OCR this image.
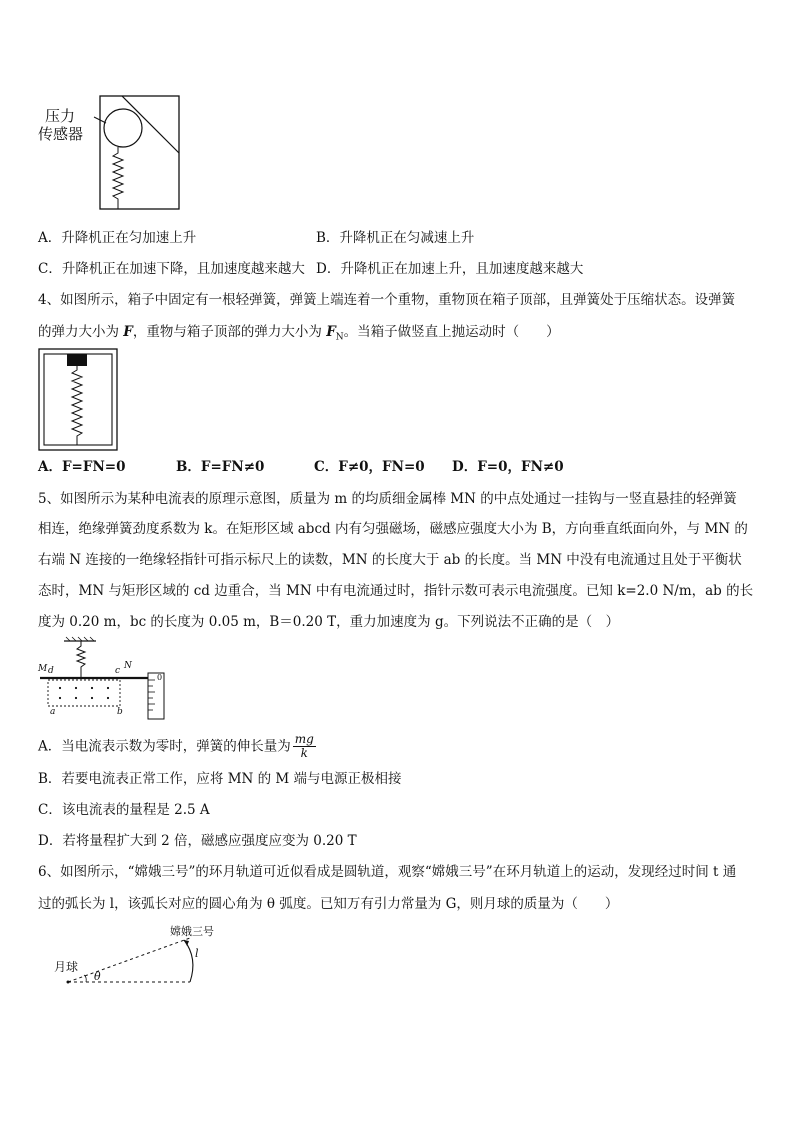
压力
传感器
A．升降机正在匀加速上升	B．升降机正在匀减速上升
C．升降机正在加速下降，且加速度越来越大 D．升降机正在加速上升，且加速度越来越大
4、如图所示，箱子中固定有一根轻弹簧，弹簧上端连着一个重物，重物顶在箱子顶部，且弹簧处于压缩状态。设弹簧
的弹力大小为 F，重物与箱子顶部的弹力大小为 $F_N$。当箱子做竖直上抛运动时（　　）
A．F=FN=0	B．F=FN≠0	C．F≠0，FN=0 D．F=0，FN≠0
5、如图所示为某种电流表的原理示意图，质量为 m 的均质细金属棒 MN 的中点处通过一挂钩与一竖直悬挂的轻弹簧
相连，绝缘弹簧劲度系数为 k。在矩形区域 abcd 内有匀强磁场，磁感应强度大小为 B，方向垂直纸面向外，与 MN 的
右端 N 连接的一绝缘轻指针可指示标尺上的读数，MN 的长度大于 ab 的长度。当 MN 中没有电流通过且处于平衡状
态时，MN 与矩形区域的 cd 边重合，当 MN 中有电流通过时，指针示数可表示电流强度。已知 k=2.0 N/m，ab 的长
度为 0.20 m，bc 的长度为 0.05 m，B＝0.20 T，重力加速度为 g。下列说法不正确的是（　）
M d	c N
a	b
0
A．当电流表示数为零时，弹簧的伸长量为 $\frac{mg}{k}$
B．若要电流表正常工作，应将 MN 的 M 端与电源正极相接
C．该电流表的量程是 2.5 A
D．若将量程扩大到 2 倍，磁感应强度应变为 0.20 T
6、如图所示，“嫦娥三号”的环月轨道可近似看成是圆轨道，观察“嫦娥三号”在环月轨道上的运动，发现经过时间 t 通
过的弧长为 l，该弧长对应的圆心角为 θ 弧度。已知万有引力常量为 G，则月球的质量为（　　）
嫦娥三号
月球
l
θ
